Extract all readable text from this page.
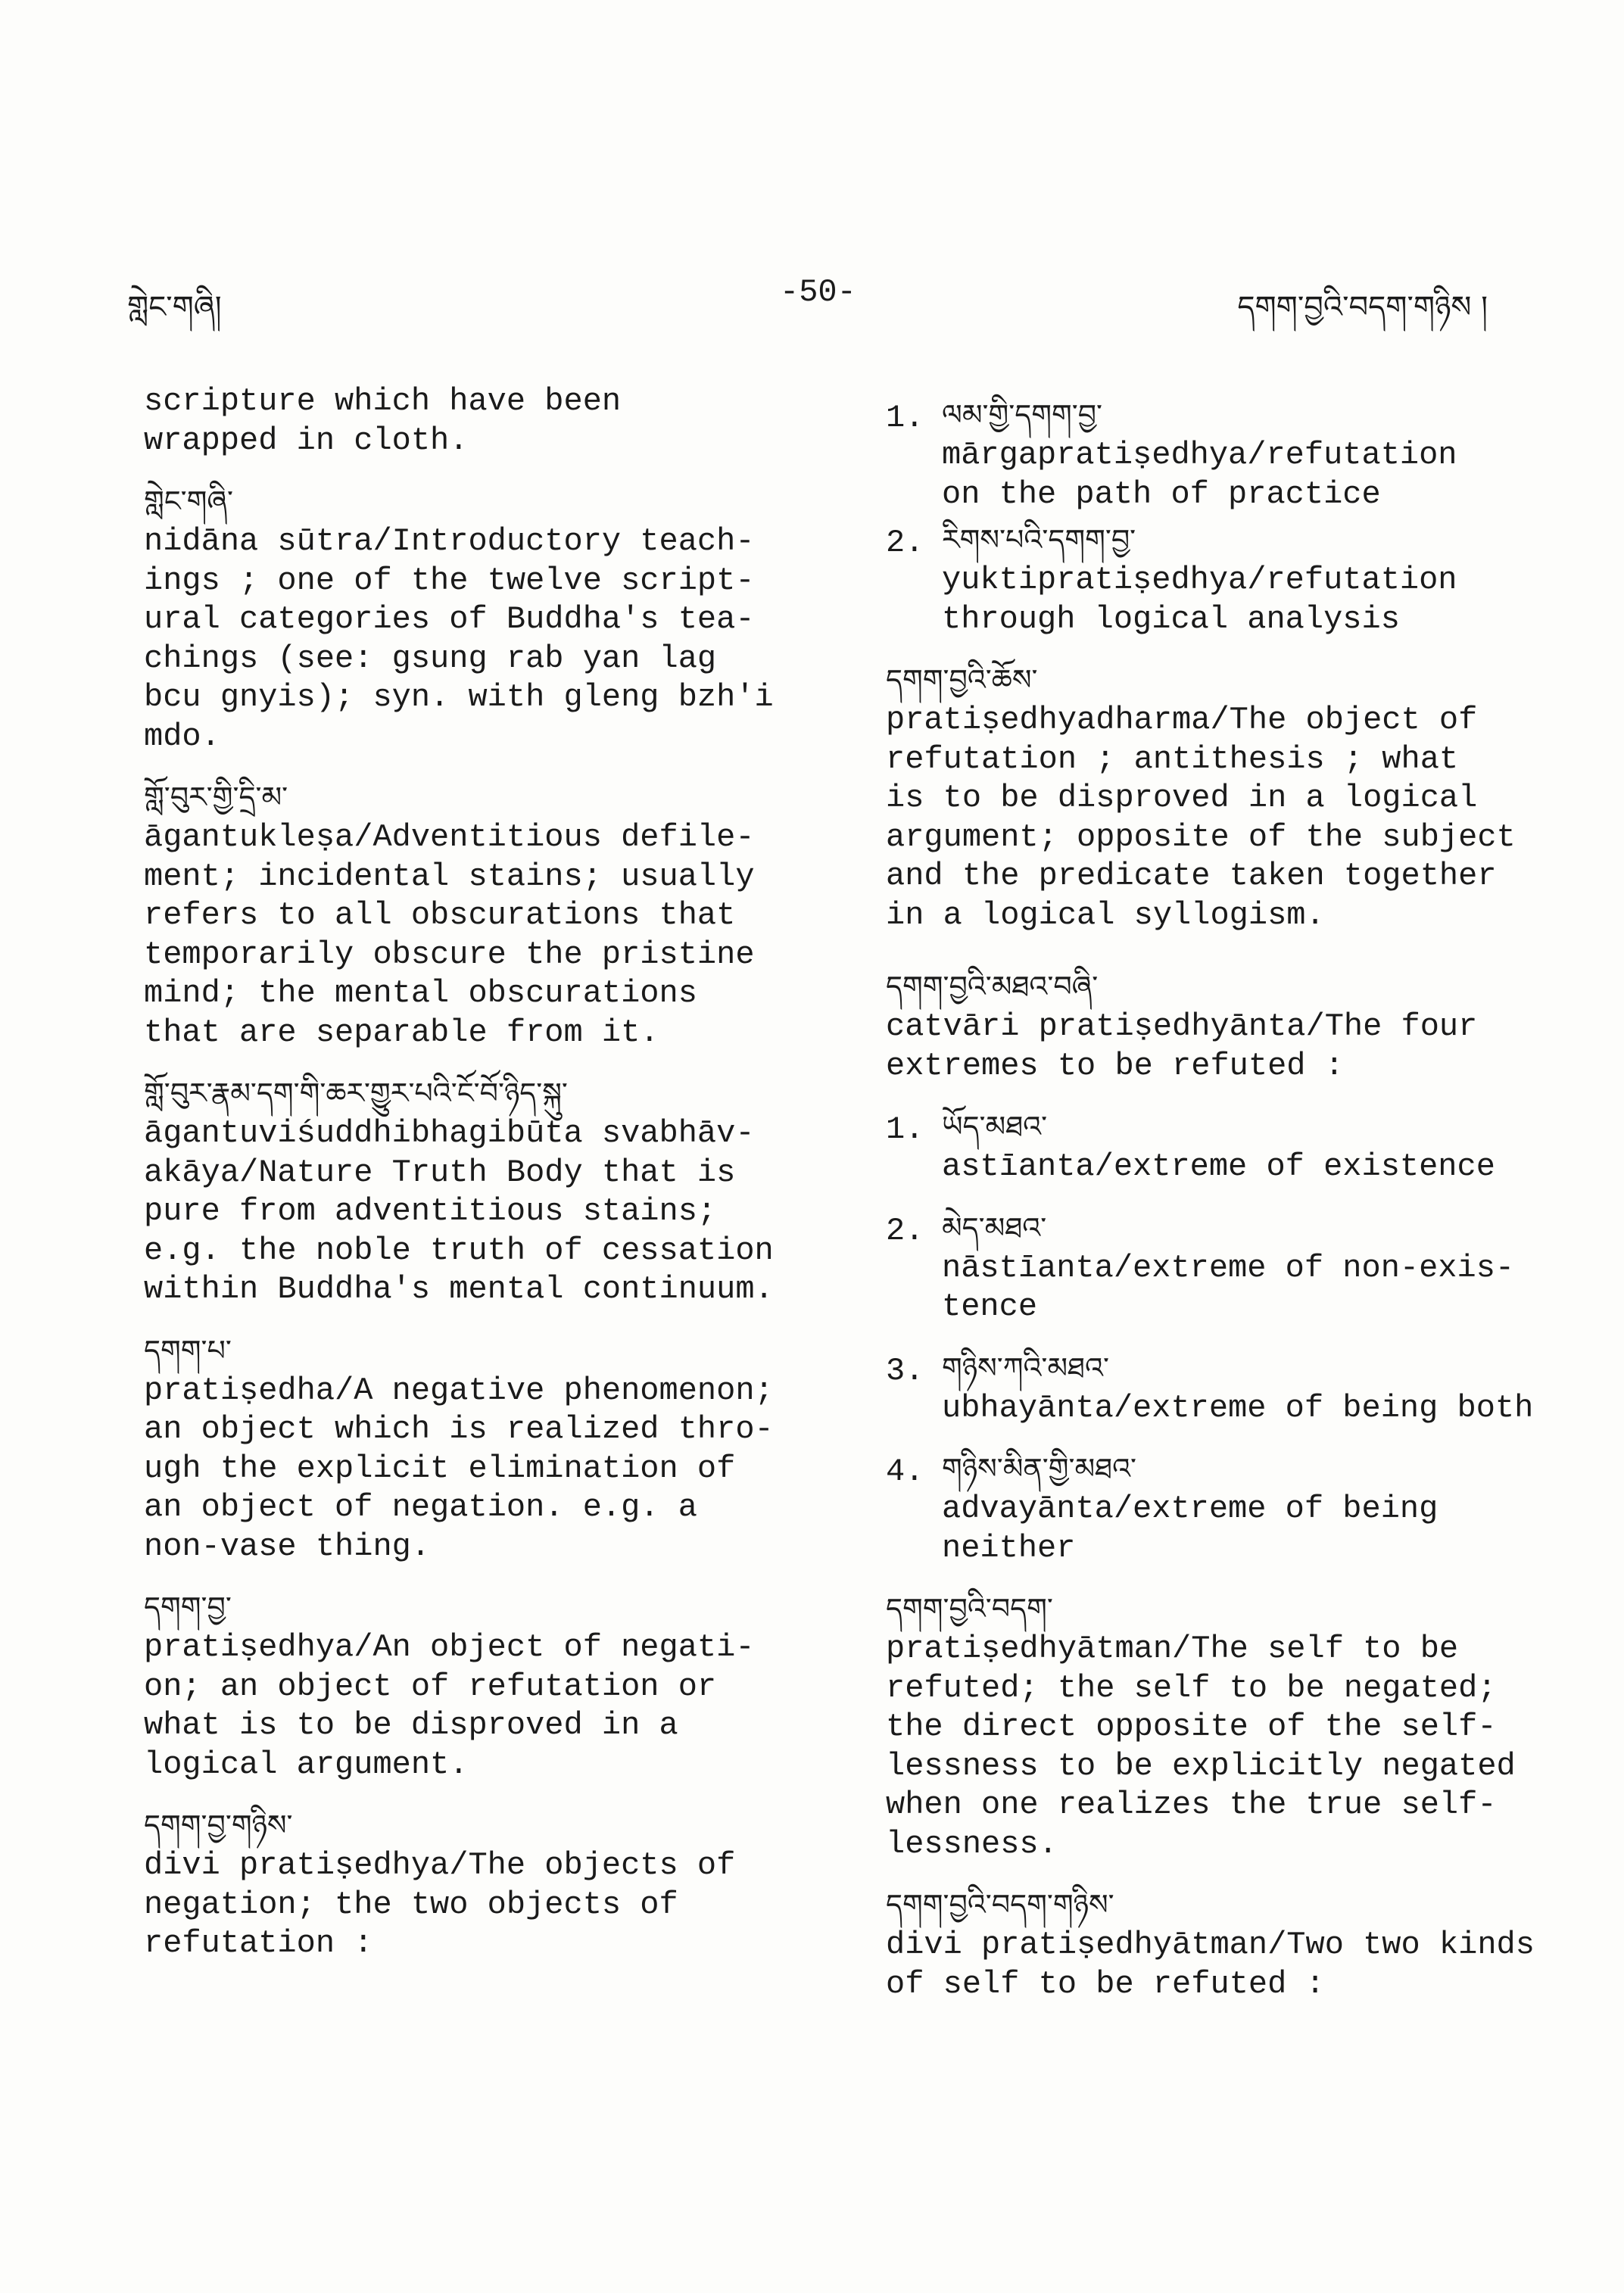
གླེང་གཞི།	-50-	དགག་བྱའི་བདག་གཉིས །

scripture which have been
wrapped in cloth.

གླེང་གཞི་

nidāna sūtra/Introductory teach-
ings ; one of the twelve script-
ural categories of Buddha's tea-
chings (see: gsung rab yan lag
bcu gnyis); syn. with gleng bzh'i
mdo.

གློ་བུར་གྱི་དྲི་མ་

āgantukleṣa/Adventitious defile-
ment; incidental stains; usually
refers to all obscurations that
temporarily obscure the pristine
mind; the mental obscurations
that are separable from it.

གློ་བུར་རྣམ་དག་གི་ཆར་གྱུར་པའི་ངོ་བོ་ཉིད་སྐུ་

āgantuviśuddhibhagibūta svabhāv-
akāya/Nature Truth Body that is
pure from adventitious stains;
e.g. the noble truth of cessation
within Buddha's mental continuum.

དགག་པ་

pratiṣedha/A negative phenomenon;
an object which is realized thro-
ugh the explicit elimination of
an object of negation. e.g. a
non-vase thing.

དགག་བྱ་

pratiṣedhya/An object of negati-
on; an object of refutation or
what is to be disproved in a
logical argument.

དགག་བྱ་གཉིས་

divi pratiṣedhya/The objects of
negation; the two objects of
refutation :

1. ལམ་གྱི་དགག་བྱ་

mārgapratiṣedhya/refutation
on the path of practice

2. རིགས་པའི་དགག་བྱ་

yuktipratiṣedhya/refutation
through logical analysis

དགག་བྱའི་ཆོས་

pratiṣedhyadharma/The object of
refutation ; antithesis ; what
is to be disproved in a logical
argument; opposite of the subject
and the predicate taken together
in a logical syllogism.

དགག་བྱའི་མཐའ་བཞི་

catvāri pratiṣedhyānta/The four
extremes to be refuted :

1. ཡོད་མཐའ་

astīanta/extreme of existence

2. མེད་མཐའ་

nāstīanta/extreme of non-exis-
tence

3. གཉིས་ཀའི་མཐའ་

ubhayānta/extreme of being both

4. གཉིས་མིན་གྱི་མཐའ་

advayānta/extreme of being
neither

དགག་བྱའི་བདག་

pratiṣedhyātman/The self to be
refuted; the self to be negated;
the direct opposite of the self-
lessness to be explicitly negated
when one realizes the true self-
lessness.

དགག་བྱའི་བདག་གཉིས་

divi pratiṣedhyātman/Two two kinds
of self to be refuted :
